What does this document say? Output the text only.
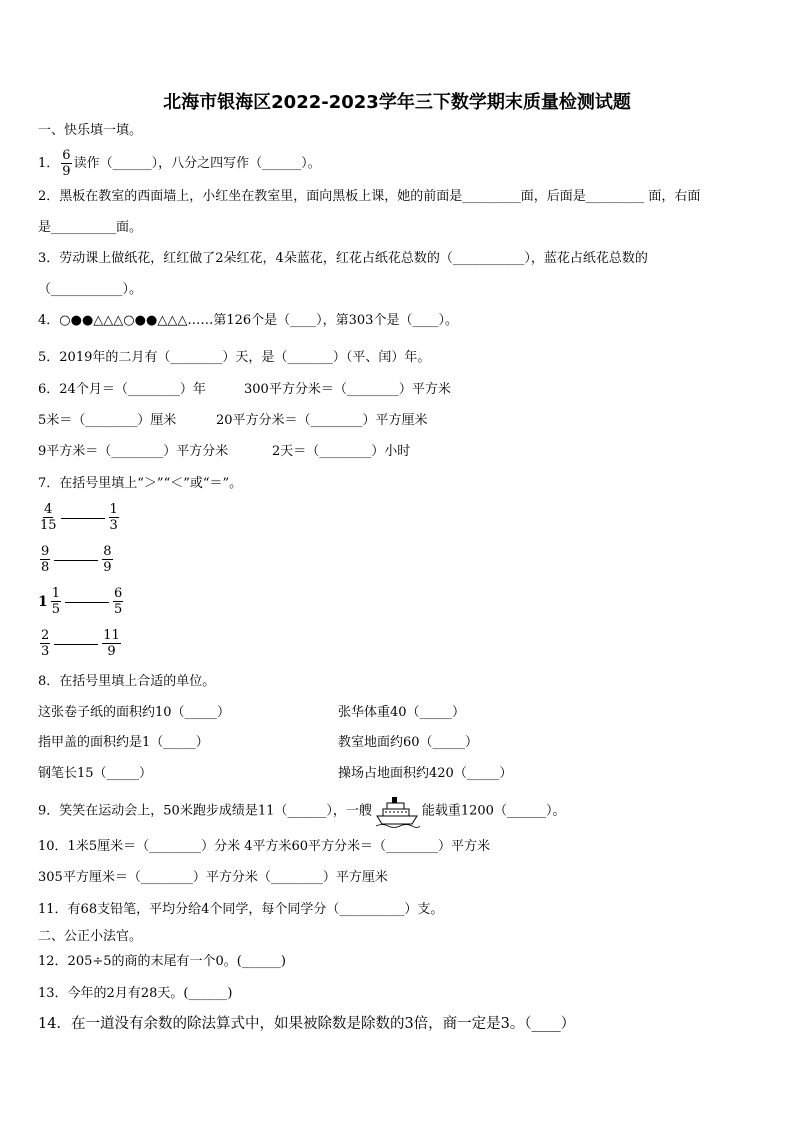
北海市银海区2022-2023学年三下数学期末质量检测试题
一、快乐填一填。
1． $\frac{6}{9}$ 读作（______），八分之四写作（______）。
2．黑板在教室的西面墙上，小红坐在教室里，面向黑板上课，她的前面是_________面，后面是_________ 面，右面
是__________面。
3．劳动课上做纸花，红红做了2朵红花，4朵蓝花，红花占纸花总数的（___________），蓝花占纸花总数的
（___________）。
4．○●●△△△○●●△△△……第126个是（____），第303个是（____）。
5．2019年的二月有（________）天，是（_______）（平、闰）年。
6．24个月＝（________）年	300平方分米＝（________）平方米
5米＝（________）厘米	20平方分米＝（________）平方厘米
9平方米＝（________）平方分米	2天＝（________）小时
7．在括号里填上“＞”“＜”或“＝”。
$\frac{4}{15}$	$\frac{1}{3}$
$\frac{9}{8}$	$\frac{8}{9}$
$1 \frac{1}{5}$	$\frac{6}{5}$
$\frac{2}{3}$	$\frac{11}{9}$
8．在括号里填上合适的单位。
这张卷子纸的面积约10（_____）	张华体重40（_____）
指甲盖的面积约是1（_____）	教室地面约60（_____）
钢笔长15（_____）	操场占地面积约420（_____）
9．笑笑在运动会上，50米跑步成绩是11（______），一艘	能载重1200（______）。
10．1米5厘米＝（________）分米 4平方米60平方分米＝（________）平方米
305平方厘米＝（________）平方分米（________）平方厘米
11．有68支铅笔，平均分给4个同学，每个同学分（__________）支。
二、公正小法官。
12．205÷5的商的末尾有一个0。(______)
13．今年的2月有28天。(______)
14．在一道没有余数的除法算式中，如果被除数是除数的3倍，商一定是3。（____）
